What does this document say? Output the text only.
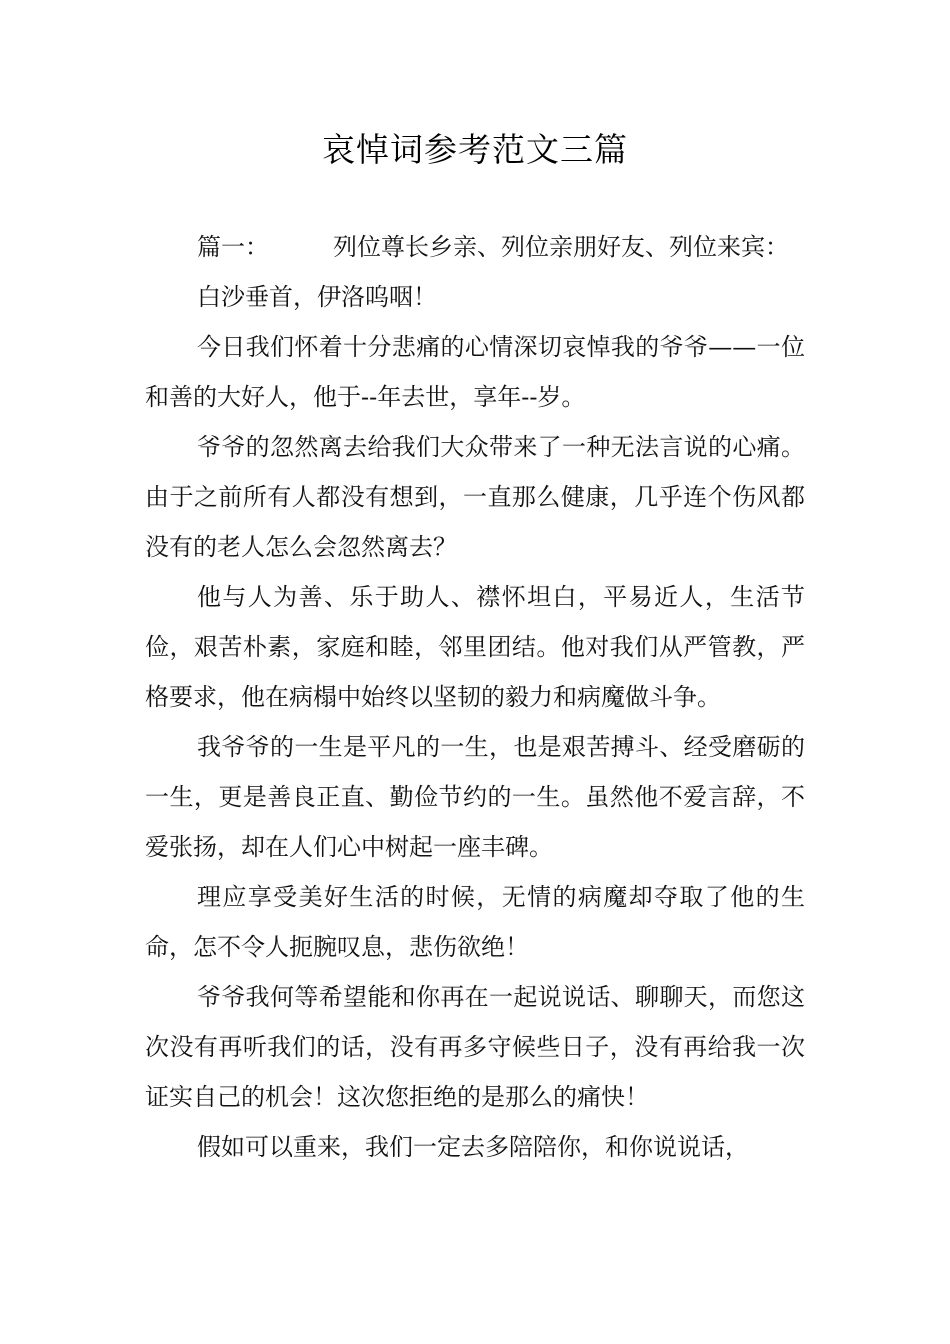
哀悼词参考范文三篇

篇一：	列位尊长乡亲、列位亲朋好友、列位来宾：

白沙垂首，伊洛呜咽！

今日我们怀着十分悲痛的心情深切哀悼我的爷爷——一位和善的大好人，他于--年去世，享年--岁。

爷爷的忽然离去给我们大众带来了一种无法言说的心痛。由于之前所有人都没有想到，一直那么健康，几乎连个伤风都没有的老人怎么会忽然离去？

他与人为善、乐于助人、襟怀坦白，平易近人，生活节俭，艰苦朴素，家庭和睦，邻里团结。他对我们从严管教，严格要求，他在病榻中始终以坚韧的毅力和病魔做斗争。

我爷爷的一生是平凡的一生，也是艰苦搏斗、经受磨砺的一生，更是善良正直、勤俭节约的一生。虽然他不爱言辞，不爱张扬，却在人们心中树起一座丰碑。

理应享受美好生活的时候，无情的病魔却夺取了他的生命，怎不令人扼腕叹息，悲伤欲绝！

爷爷我何等希望能和你再在一起说说话、聊聊天，而您这次没有再听我们的话，没有再多守候些日子，没有再给我一次证实自己的机会！这次您拒绝的是那么的痛快！

假如可以重来，我们一定去多陪陪你，和你说说话，
